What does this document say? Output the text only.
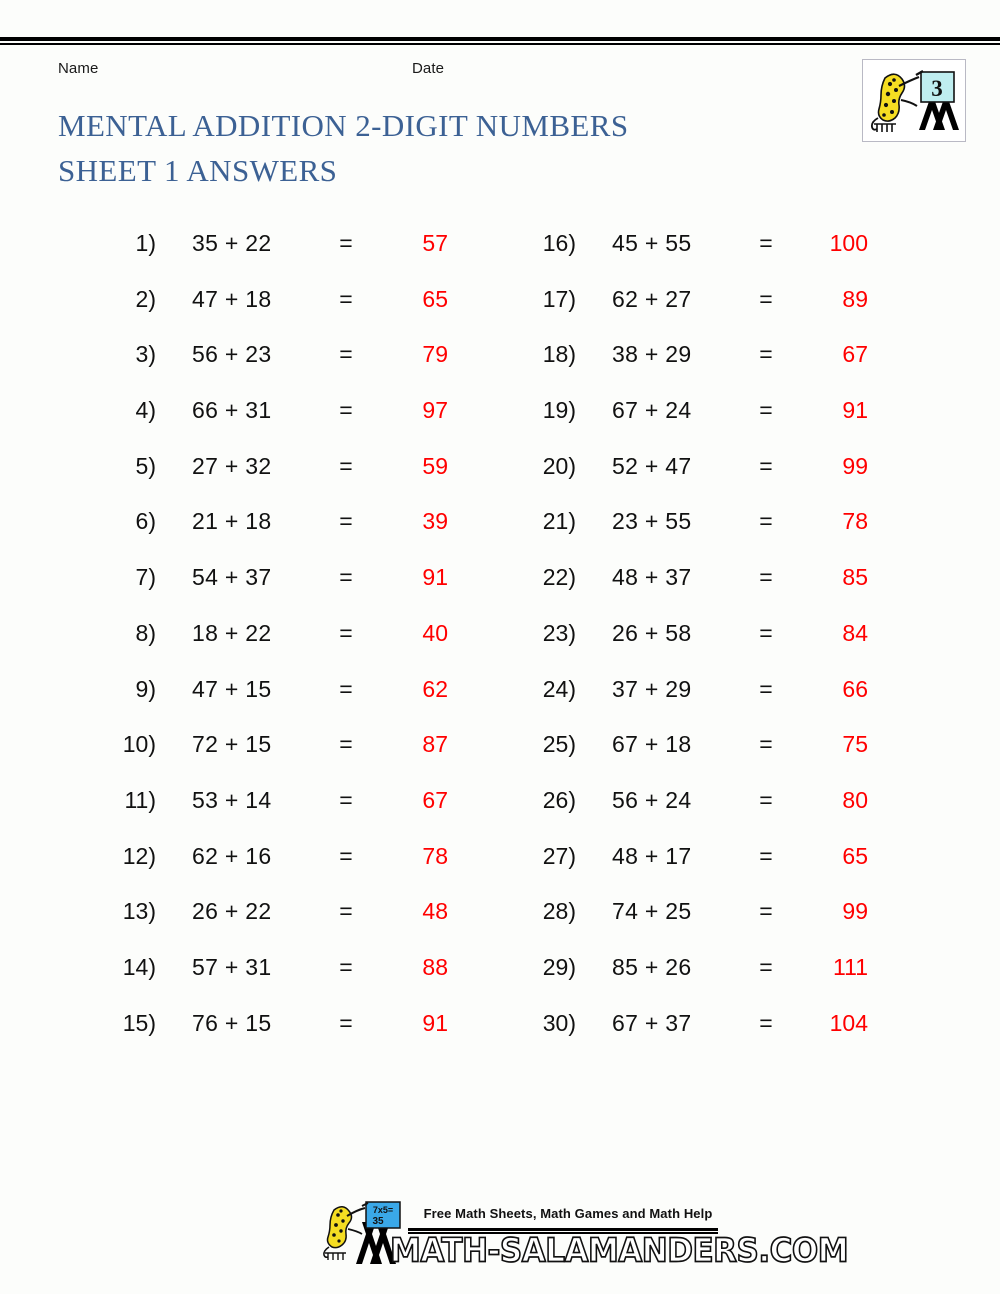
Name	Date
MENTAL ADDITION 2-DIGIT NUMBERS
SHEET 1 ANSWERS
3
1) 35 + 22	=	57
2) 47 + 18	=	65
3) 56 + 23	=	79
4) 66 + 31	=	97
5) 27 + 32	=	59
6) 21 + 18	=	39
7) 54 + 37	=	91
8) 18 + 22	=	40
9) 47 + 15	=	62
10) 72 + 15	=	87
11) 53 + 14	=	67
12) 62 + 16	=	78
13) 26 + 22	=	48
14) 57 + 31	=	88
15) 76 + 15	=	91
16) 45 + 55	=	100
17) 62 + 27	=	89
18) 38 + 29	=	67
19) 67 + 24	=	91
20) 52 + 47	=	99
21) 23 + 55	=	78
22) 48 + 37	=	85
23) 26 + 58	=	84
24) 37 + 29	=	66
25) 67 + 18	=	75
26) 56 + 24	=	80
27) 48 + 17	=	65
28) 74 + 25	=	99
29) 85 + 26	=	111
30) 67 + 37	=	104
7x5=
35
Free Math Sheets, Math Games and Math Help
MATH-SALAMANDERS.COM
